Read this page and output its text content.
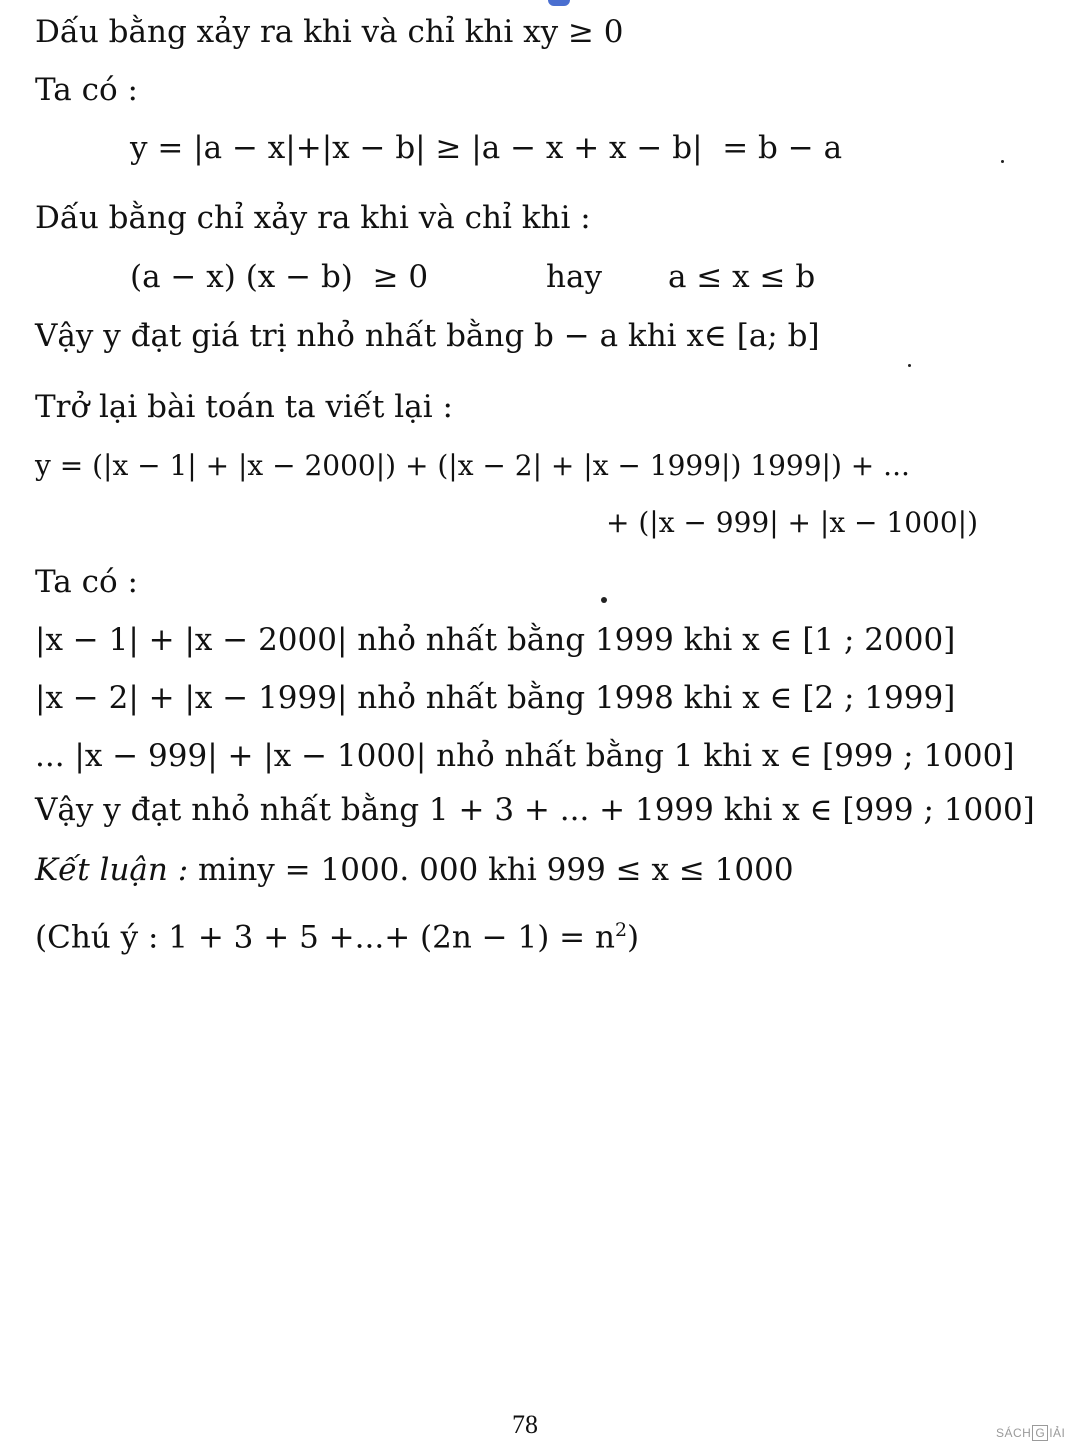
Dấu bằng xảy ra khi và chỉ khi xy ≥ 0
Ta có :
y = |a − x|+|x − b| ≥ |a − x + x − b|  = b − a
Dấu bằng chỉ xảy ra khi và chỉ khi :
(a − x) (x − b)  ≥ 0	hay a ≤ x ≤ b
Vậy y đạt giá trị nhỏ nhất bằng b − a khi x∈ [a; b]
Trở lại bài toán ta viết lại :
y = (|x − 1| + |x − 2000|) + (|x − 2| + |x − 1999|) 1999|) + ...
+ (|x − 999| + |x − 1000|)
Ta có :
|x − 1| + |x − 2000| nhỏ nhất bằng 1999 khi x ∈ [1 ; 2000]
|x − 2| + |x − 1999| nhỏ nhất bằng 1998 khi x ∈ [2 ; 1999]
... |x − 999| + |x − 1000| nhỏ nhất bằng 1 khi x ∈ [999 ; 1000]
Vậy y đạt nhỏ nhất bằng 1 + 3 + ... + 1999 khi x ∈ [999 ; 1000]
Kết luận : miny = 1000. 000 khi 999 ≤ x ≤ 1000
(Chú ý : 1 + 3 + 5 +...+ $(2n - 1) = n^2$)
78	SÁCH G IẢI
